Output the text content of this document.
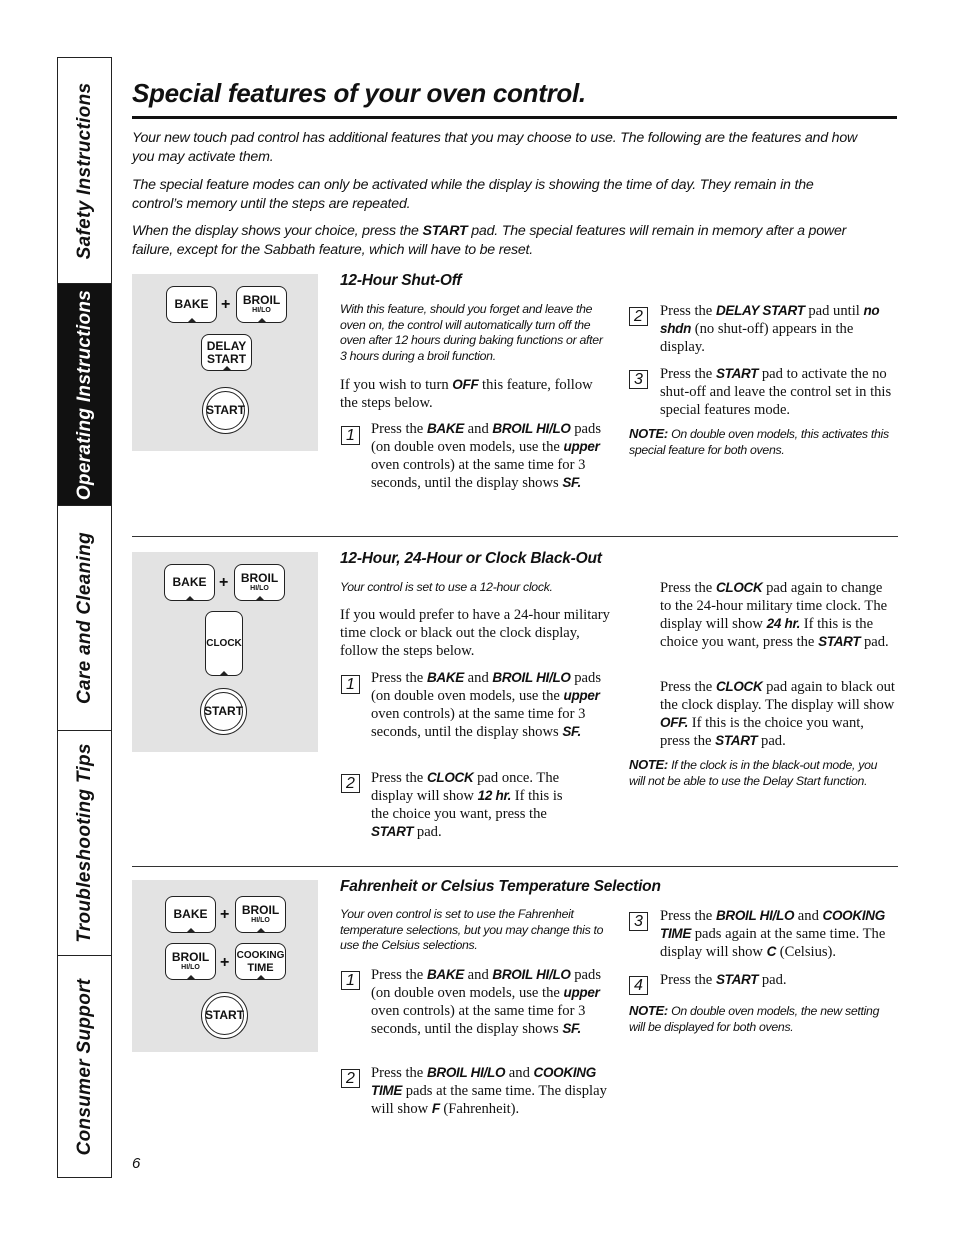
Safety Instructions
Operating Instructions
Care and Cleaning
Troubleshooting Tips
Consumer Support
Special features of your oven control.
Your new touch pad control has additional features that you may choose to use. The following are the features and how you may activate them.
The special feature modes can only be activated while the display is showing the time of day. They remain in the control’s memory until the steps are repeated.
When the display shows your choice, press the START pad. The special features will remain in memory after a power failure, except for the Sabbath feature, which will have to be reset.
BAKE + BROIL
HI/LO
DELAY
START
START
12-Hour Shut-Off
With this feature, should you forget and leave the oven on, the control will automatically turn off the oven after 12 hours during baking functions or after 3 hours during a broil function.
If you wish to turn OFF this feature, follow the steps below.
1	Press the BAKE and BROIL HI/LO pads (on double oven models, use the upper oven controls) at the same time for 3 seconds, until the display shows SF.
2	Press the DELAY START pad until no shdn (no shut-off) appears in the display.
3	Press the START pad to activate the no shut-off and leave the control set in this special features mode.
NOTE: On double oven models, this activates this special feature for both ovens.
BAKE + BROIL
HI/LO
CLOCK
START
12-Hour, 24-Hour or Clock Black-Out
Your control is set to use a 12-hour clock.
If you would prefer to have a 24-hour military time clock or black out the clock display, follow the steps below.
1	Press the BAKE and BROIL HI/LO pads (on double oven models, use the upper oven controls) at the same time for 3 seconds, until the display shows SF.
2	Press the CLOCK pad once. The display will show 12 hr. If this is the choice you want, press the START pad.
Press the CLOCK pad again to change to the 24-hour military time clock. The display will show 24 hr. If this is the choice you want, press the START pad.
Press the CLOCK pad again to black out the clock display. The display will show OFF. If this is the choice you want, press the START pad.
NOTE: If the clock is in the black-out mode, you will not be able to use the Delay Start function.
BAKE + BROIL
HI/LO
BROIL
HI/LO + COOKING
TIME
START
Fahrenheit or Celsius Temperature Selection
Your oven control is set to use the Fahrenheit temperature selections, but you may change this to use the Celsius selections.
1	Press the BAKE and BROIL HI/LO pads (on double oven models, use the upper oven controls) at the same time for 3 seconds, until the display shows SF.
2	Press the BROIL HI/LO and COOKING TIME pads at the same time. The display will show F (Fahrenheit).
3	Press the BROIL HI/LO and COOKING TIME pads again at the same time. The display will show C (Celsius).
4	Press the START pad.
NOTE: On double oven models, the new setting will be displayed for both ovens.
6
